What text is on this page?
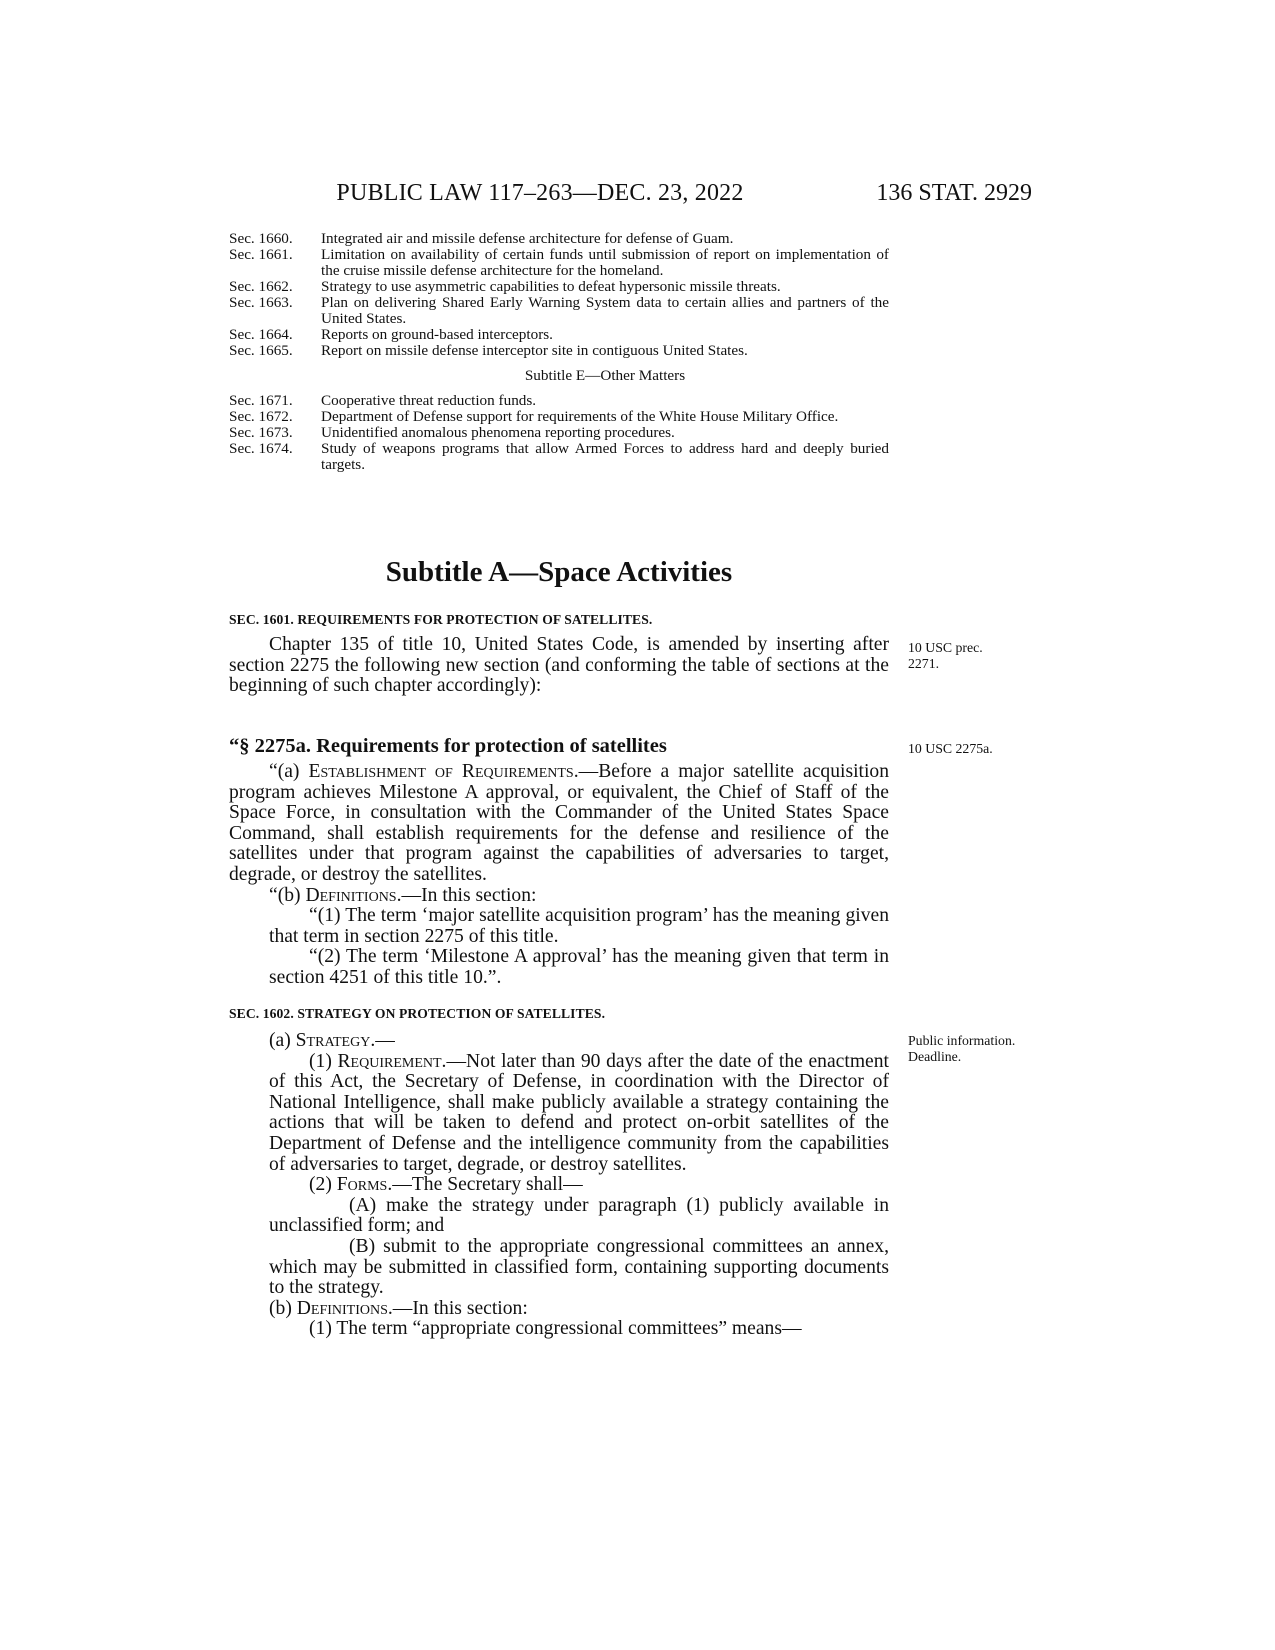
PUBLIC LAW 117–263—DEC. 23, 2022	136 STAT. 2929
Sec. 1660.	Integrated air and missile defense architecture for defense of Guam.
Sec. 1661.	Limitation on availability of certain funds until submission of report on implementation of the cruise missile defense architecture for the homeland.
Sec. 1662.	Strategy to use asymmetric capabilities to defeat hypersonic missile threats.
Sec. 1663.	Plan on delivering Shared Early Warning System data to certain allies and partners of the United States.
Sec. 1664.	Reports on ground-based interceptors.
Sec. 1665.	Report on missile defense interceptor site in contiguous United States.
Subtitle E—Other Matters
Sec. 1671.	Cooperative threat reduction funds.
Sec. 1672.	Department of Defense support for requirements of the White House Military Office.
Sec. 1673.	Unidentified anomalous phenomena reporting procedures.
Sec. 1674.	Study of weapons programs that allow Armed Forces to address hard and deeply buried targets.
Subtitle A—Space Activities
SEC. 1601. REQUIREMENTS FOR PROTECTION OF SATELLITES.

Chapter 135 of title 10, United States Code, is amended by inserting after section 2275 the following new section (and conforming the table of sections at the beginning of such chapter accordingly):

10 USC prec. 2271.
“§ 2275a. Requirements for protection of satellites	10 USC 2275a.

“(a) Establishment of Requirements.—Before a major satellite acquisition program achieves Milestone A approval, or equivalent, the Chief of Staff of the Space Force, in consultation with the Commander of the United States Space Command, shall establish requirements for the defense and resilience of the satellites under that program against the capabilities of adversaries to target, degrade, or destroy the satellites.

“(b) Definitions.—In this section:

“(1) The term ‘major satellite acquisition program’ has the meaning given that term in section 2275 of this title.

“(2) The term ‘Milestone A approval’ has the meaning given that term in section 4251 of this title 10.”.

SEC. 1602. STRATEGY ON PROTECTION OF SATELLITES.
Public information. Deadline.

(a) Strategy.—

(1) Requirement.—Not later than 90 days after the date of the enactment of this Act, the Secretary of Defense, in coordination with the Director of National Intelligence, shall make publicly available a strategy containing the actions that will be taken to defend and protect on-orbit satellites of the Department of Defense and the intelligence community from the capabilities of adversaries to target, degrade, or destroy satellites.

(2) Forms.—The Secretary shall—

(A) make the strategy under paragraph (1) publicly available in unclassified form; and

(B) submit to the appropriate congressional committees an annex, which may be submitted in classified form, containing supporting documents to the strategy.

(b) Definitions.—In this section:

(1) The term “appropriate congressional committees” means—
